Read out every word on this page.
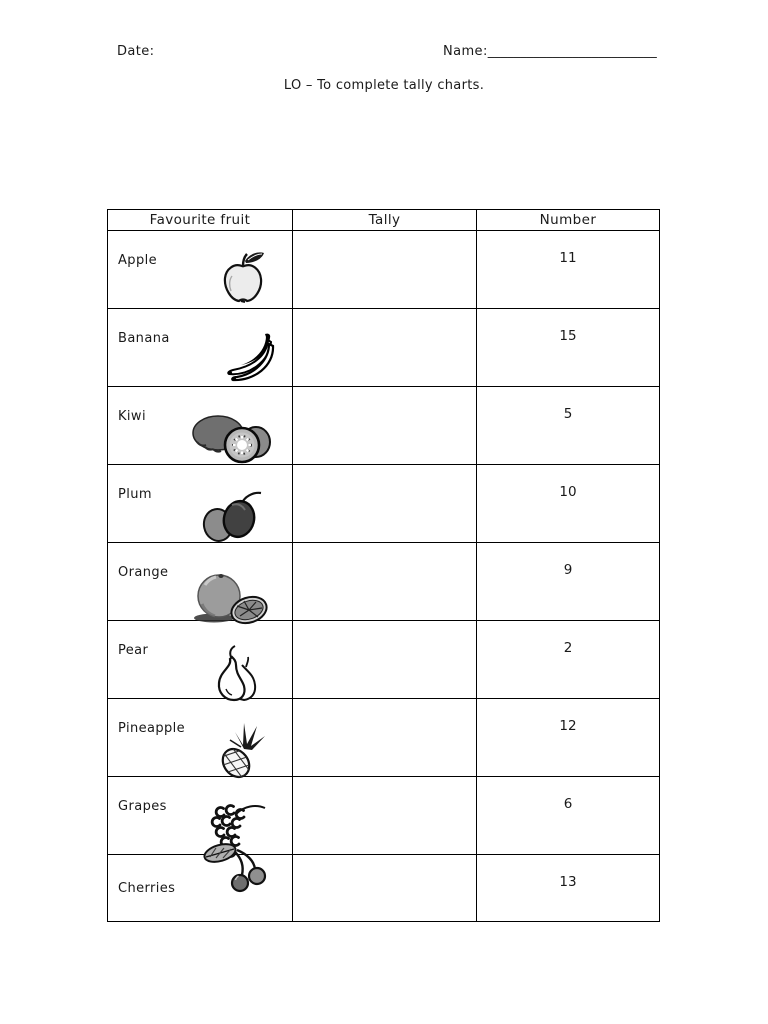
Date:	Name:__________________________
LO – To complete tally charts.
Favourite fruit	Tally	Number
Apple	11
Banana	15
Kiwi	5
Plum	10
Orange	9
Pear	2
Pineapple	12
Grapes	6
Cherries	13
